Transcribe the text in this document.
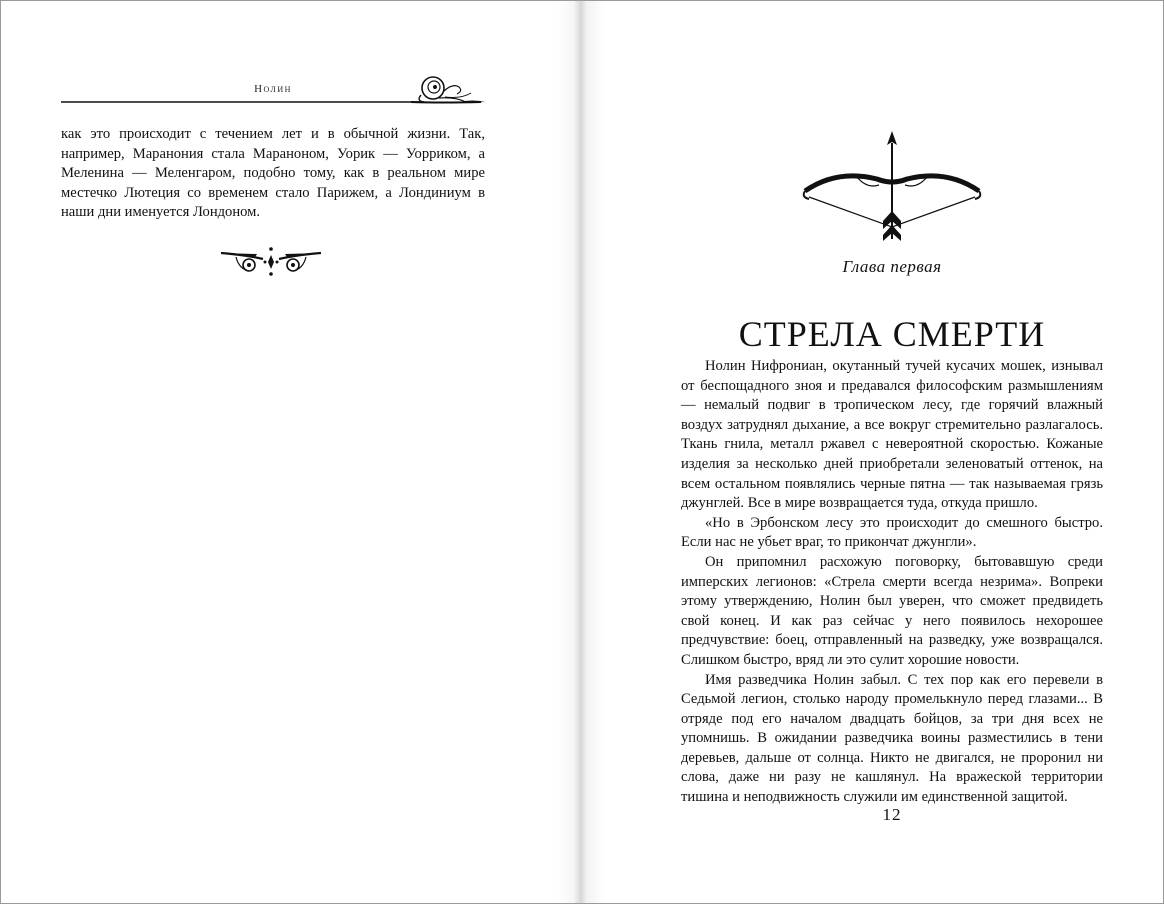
Нолин

как это происходит с течением лет и в обычной жизни. Так, например, Маранония стала Мараноном, Уорик — Уорриком, а Меленина — Меленгаром, подобно тому, как в реальном мире местечко Лютеция со временем стало Парижем, а Лондиниум в наши дни именуется Лондоном.

Глава первая
СТРЕЛА СМЕРТИ

Нолин Нифрониан, окутанный тучей кусачих мошек, изнывал от беспощадного зноя и предавался философским размышлениям — немалый подвиг в тропическом лесу, где горячий влажный воздух затруднял дыхание, а все вокруг стремительно разлагалось. Ткань гнила, металл ржавел с невероятной скоростью. Кожаные изделия за несколько дней приобретали зеленоватый оттенок, на всем остальном появлялись черные пятна — так называемая грязь джунглей. Все в мире возвращается туда, откуда пришло.

«Но в Эрбонском лесу это происходит до смешного быстро. Если нас не убьет враг, то прикончат джунгли».

Он припомнил расхожую поговорку, бытовавшую среди имперских легионов: «Стрела смерти всегда незрима». Вопреки этому утверждению, Нолин был уверен, что сможет предвидеть свой конец. И как раз сейчас у него появилось нехорошее предчувствие: боец, отправленный на разведку, уже возвращался. Слишком быстро, вряд ли это сулит хорошие новости.

Имя разведчика Нолин забыл. С тех пор как его перевели в Седьмой легион, столько народу промелькнуло перед глазами... В отряде под его началом двадцать бойцов, за три дня всех не упомнишь. В ожидании разведчика воины разместились в тени деревьев, дальше от солнца. Никто не двигался, не проронил ни слова, даже ни разу не кашлянул. На вражеской территории тишина и неподвижность служили им единственной защитой.

12
